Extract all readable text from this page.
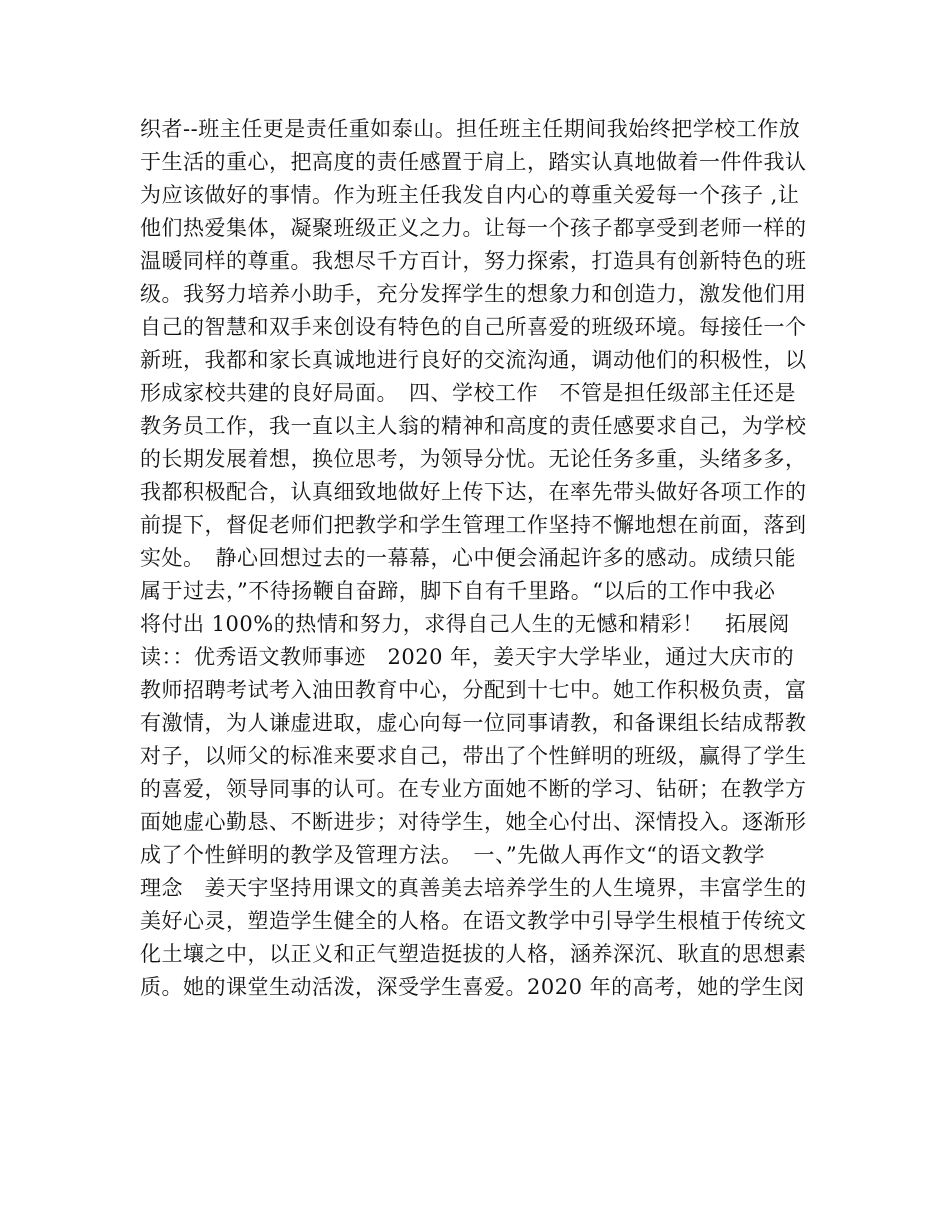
织者--班主任更是责任重如泰山。担任班主任期间我始终把学校工作放
于生活的重心，把高度的责任感置于肩上，踏实认真地做着一件件我认
为应该做好的事情。作为班主任我发自内心的尊重关爱每一个孩子 ,让
他们热爱集体，凝聚班级正义之力。让每一个孩子都享受到老师一样的
温暖同样的尊重。我想尽千方百计，努力探索，打造具有创新特色的班
级。我努力培养小助手，充分发挥学生的想象力和创造力，激发他们用
自己的智慧和双手来创设有特色的自己所喜爱的班级环境。每接任一个
新班，我都和家长真诚地进行良好的交流沟通，调动他们的积极性，以
形成家校共建的良好局面。　四、学校工作　不管是担任级部主任还是
教务员工作，我一直以主人翁的精神和高度的责任感要求自己，为学校
的长期发展着想，换位思考，为领导分忧。无论任务多重，头绪多多，
我都积极配合，认真细致地做好上传下达，在率先带头做好各项工作的
前提下，督促老师们把教学和学生管理工作坚持不懈地想在前面，落到
实处。　静心回想过去的一幕幕，心中便会涌起许多的感动。成绩只能
属于过去，”不待扬鞭自奋蹄，脚下自有千里路。“以后的工作中我必
将付出 100%的热情和努力，求得自己人生的无憾和精彩！　拓展阅
读：：优秀语文教师事迹　2020 年，姜天宇大学毕业，通过大庆市的
教师招聘考试考入油田教育中心，分配到十七中。她工作积极负责，富
有激情，为人谦虚进取，虚心向每一位同事请教，和备课组长结成帮教
对子，以师父的标准来要求自己，带出了个性鲜明的班级，赢得了学生
的喜爱，领导同事的认可。在专业方面她不断的学习、钻研；在教学方
面她虚心勤恳、不断进步；对待学生，她全心付出、深情投入。逐渐形
成了个性鲜明的教学及管理方法。　一、”先做人再作文“的语文教学
理念　姜天宇坚持用课文的真善美去培养学生的人生境界，丰富学生的
美好心灵，塑造学生健全的人格。在语文教学中引导学生根植于传统文
化土壤之中，以正义和正气塑造挺拔的人格，涵养深沉、耿直的思想素
质。她的课堂生动活泼，深受学生喜爱。2020 年的高考，她的学生闵
